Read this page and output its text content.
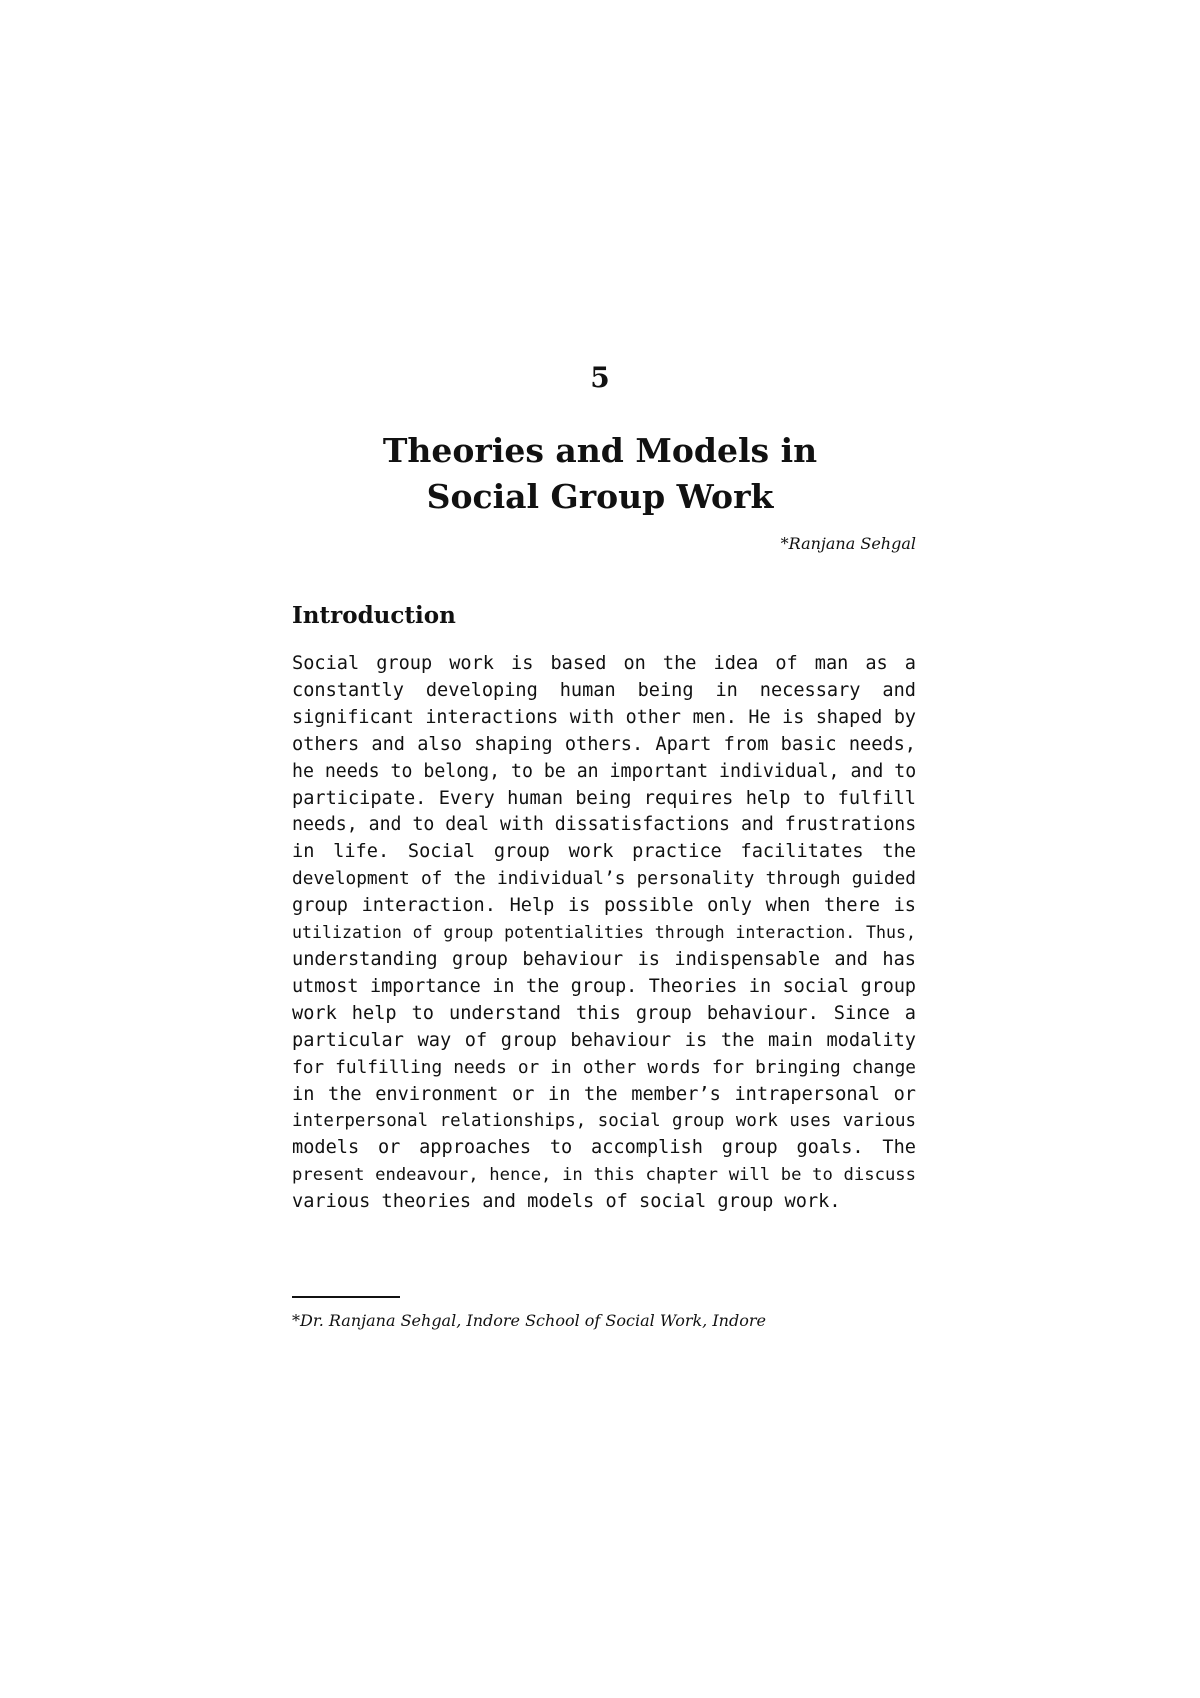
5
Theories and Models in
Social Group Work
*Ranjana Sehgal
Introduction
Social group work is based on the idea of man as a
constantly developing human being in necessary and
significant interactions with other men. He is shaped by
others and also shaping others. Apart from basic needs,
he needs to belong, to be an important individual, and to
participate. Every human being requires help to fulfill
needs, and to deal with dissatisfactions and frustrations
in life. Social group work practice facilitates the
development of the individual’s personality through guided
group interaction. Help is possible only when there is
utilization of group potentialities through interaction. Thus,
understanding group behaviour is indispensable and has
utmost importance in the group. Theories in social group
work help to understand this group behaviour. Since a
particular way of group behaviour is the main modality
for fulfilling needs or in other words for bringing change
in the environment or in the member’s intrapersonal or
interpersonal relationships, social group work uses various
models or approaches to accomplish group goals. The
present endeavour, hence, in this chapter will be to discuss
various theories and models of social group work.
*Dr. Ranjana Sehgal, Indore School of Social Work, Indore
